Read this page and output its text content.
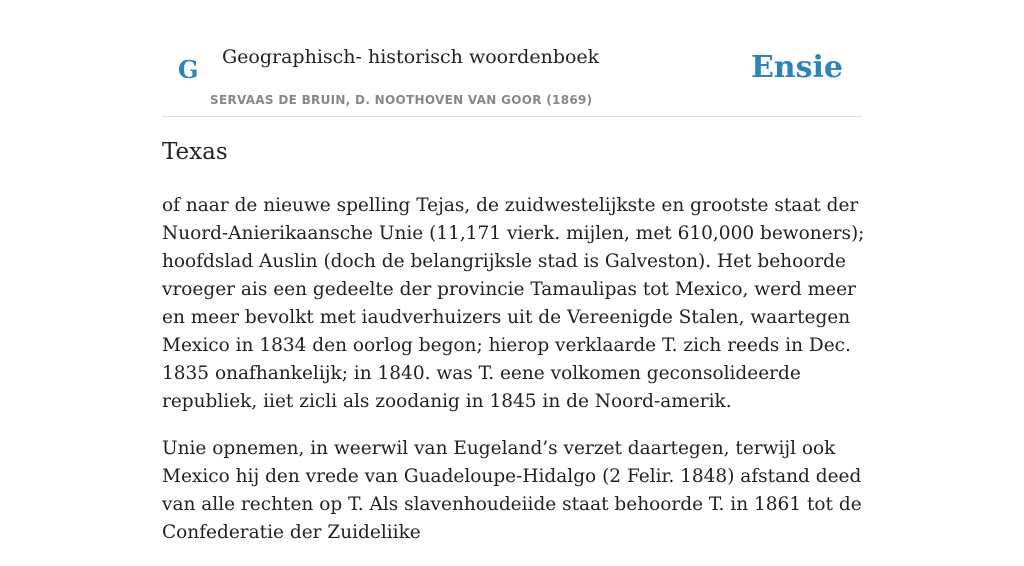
G Geographisch- historisch woordenboek
SERVAAS DE BRUIN, D. NOOTHOVEN VAN GOOR (1869)
Ensie
Texas

of naar de nieuwe spelling Tejas, de zuidwestelijkste en grootste staat der Nuord-Anierikaansche Unie (11,171 vierk. mijlen, met 610,000 bewoners); hoofdslad Auslin (doch de belangrijksle stad is Galveston). Het behoorde vroeger ais een gedeelte der provincie Tamaulipas tot Mexico, werd meer en meer bevolkt met iaudverhuizers uit de Vereenigde Stalen, waartegen Mexico in 1834 den oorlog begon; hierop verklaarde T. zich reeds in Dec. 1835 onafhankelijk; in 1840. was T. eene volkomen geconsolideerde republiek, iiet zicli als zoodanig in 1845 in de Noord-amerik.

Unie opnemen, in weerwil van Eugeland’s verzet daartegen, terwijl ook Mexico hij den vrede van Guadeloupe-Hidalgo (2 Felir. 1848) afstand deed van alle rechten op T. Als slavenhoudeiide staat behoorde T. in 1861 tot de Confederatie der Zuideliike
